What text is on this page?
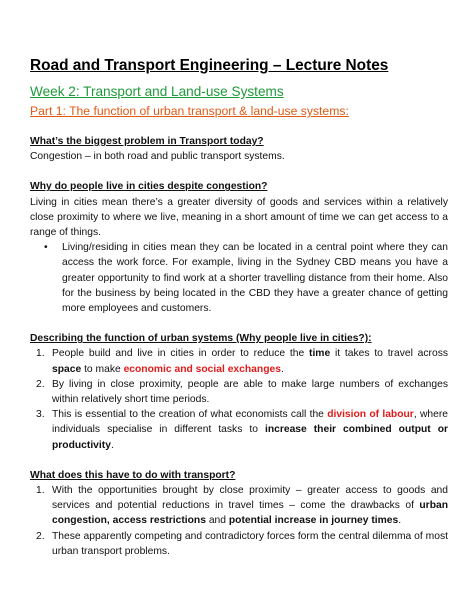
Road and Transport Engineering – Lecture Notes
Week 2: Transport and Land-use Systems
Part 1: The function of urban transport & land-use systems:

What’s the biggest problem in Transport today?

Congestion – in both road and public transport systems.

Why do people live in cities despite congestion?

Living in cities mean there’s a greater diversity of goods and services within a relatively close proximity to where we live, meaning in a short amount of time we can get access to a range of things.

• Living/residing in cities mean they can be located in a central point where they can access the work force. For example, living in the Sydney CBD means you have a greater opportunity to find work at a shorter travelling distance from their home. Also for the business by being located in the CBD they have a greater chance of getting more employees and customers.

Describing the function of urban systems (Why people live in cities?):

1. People build and live in cities in order to reduce the time it takes to travel across space to make economic and social exchanges.
2. By living in close proximity, people are able to make large numbers of exchanges within relatively short time periods.
3. This is essential to the creation of what economists call the division of labour, where individuals specialise in different tasks to increase their combined output or productivity.

What does this have to do with transport?

1. With the opportunities brought by close proximity – greater access to goods and services and potential reductions in travel times – come the drawbacks of urban congestion, access restrictions and potential increase in journey times.
2. These apparently competing and contradictory forces form the central dilemma of most urban transport problems.
